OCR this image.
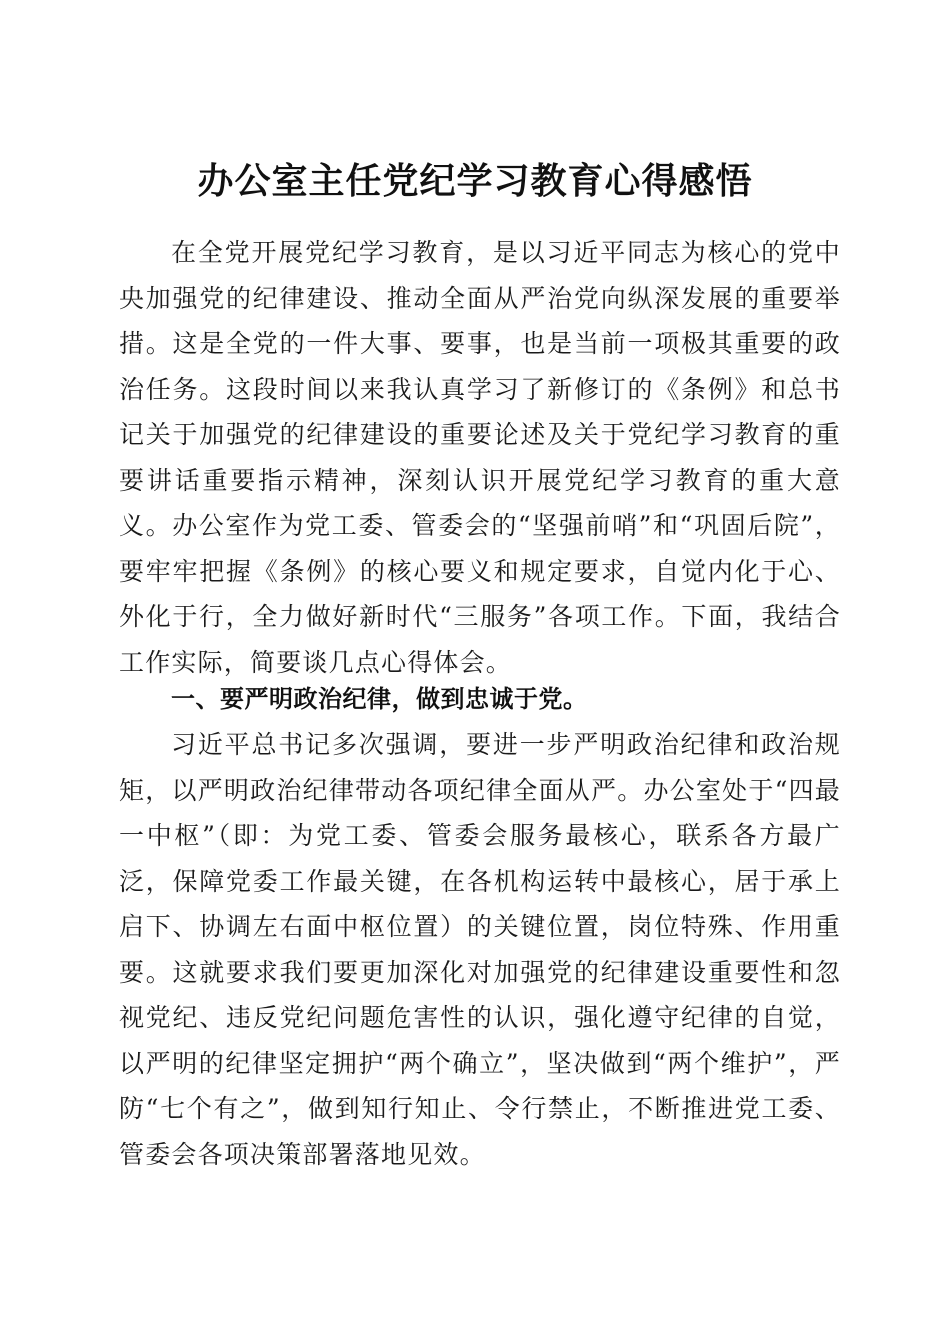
办公室主任党纪学习教育心得感悟

在全党开展党纪学习教育，是以习近平同志为核心的党中央加强党的纪律建设、推动全面从严治党向纵深发展的重要举措。这是全党的一件大事、要事，也是当前一项极其重要的政治任务。这段时间以来我认真学习了新修订的《条例》和总书记关于加强党的纪律建设的重要论述及关于党纪学习教育的重要讲话重要指示精神，深刻认识开展党纪学习教育的重大意义。办公室作为党工委、管委会的“坚强前哨”和“巩固后院”，要牢牢把握《条例》的核心要义和规定要求，自觉内化于心、外化于行，全力做好新时代“三服务”各项工作。下面，我结合工作实际，简要谈几点心得体会。

一、要严明政治纪律，做到忠诚于党。

习近平总书记多次强调，要进一步严明政治纪律和政治规矩，以严明政治纪律带动各项纪律全面从严。办公室处于“四最一中枢”（即：为党工委、管委会服务最核心，联系各方最广泛，保障党委工作最关键，在各机构运转中最核心，居于承上启下、协调左右面中枢位置）的关键位置，岗位特殊、作用重要。这就要求我们要更加深化对加强党的纪律建设重要性和忽视党纪、违反党纪问题危害性的认识，强化遵守纪律的自觉，以严明的纪律坚定拥护“两个确立”，坚决做到“两个维护”，严防“七个有之”，做到知行知止、令行禁止，不断推进党工委、管委会各项决策部署落地见效。
